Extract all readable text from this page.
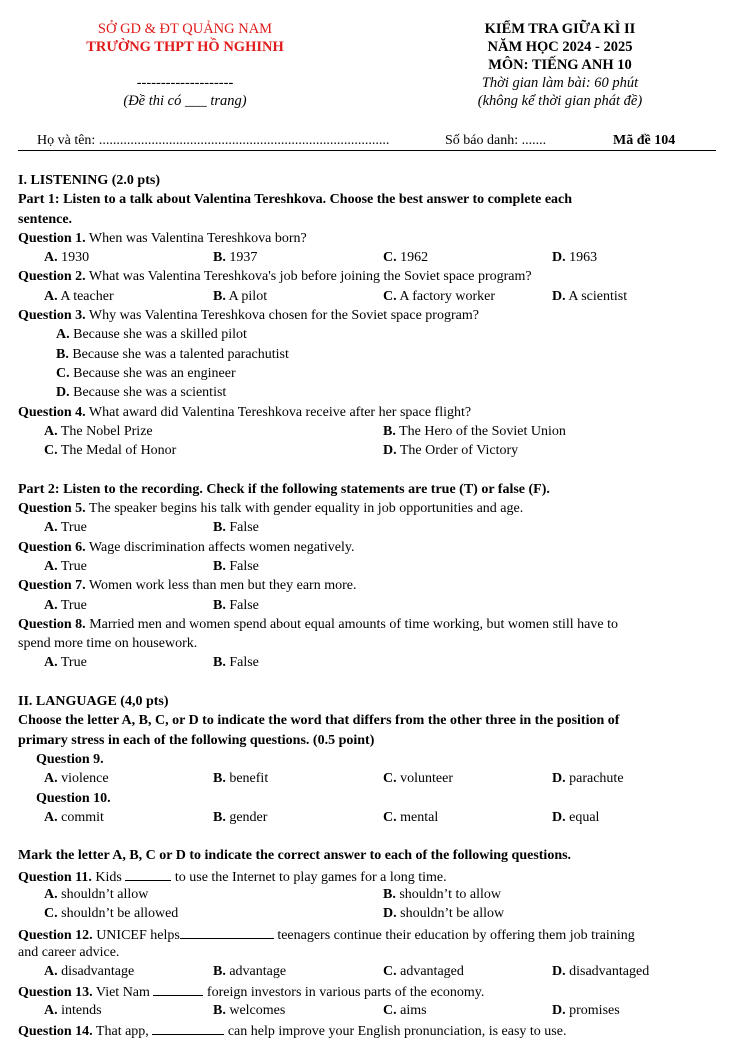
SỞ GD & ĐT QUẢNG NAM
TRƯỜNG THPT HỒ NGHINH
--------------------
(Đề thi có ___ trang)
KIỂM TRA GIỮA KÌ II
NĂM HỌC 2024 - 2025
MÔN: TIẾNG ANH 10
Thời gian làm bài: 60 phút
(không kể thời gian phát đề)
Họ và tên: ...................................................................................	Số báo danh: .......	Mã đề 104
I. LISTENING (2.0 pts)
Part 1: Listen to a talk about Valentina Tereshkova. Choose the best answer to complete each
sentence.
Question 1. When was Valentina Tereshkova born?
A. 1930	B. 1937	C. 1962	D. 1963
Question 2. What was Valentina Tereshkova's job before joining the Soviet space program?
A. A teacher	B. A pilot	C. A factory worker	D. A scientist
Question 3. Why was Valentina Tereshkova chosen for the Soviet space program?
A. Because she was a skilled pilot
B. Because she was a talented parachutist
C. Because she was an engineer
D. Because she was a scientist
Question 4. What award did Valentina Tereshkova receive after her space flight?
A. The Nobel Prize	B. The Hero of the Soviet Union
C. The Medal of Honor	D. The Order of Victory
Part 2: Listen to the recording. Check if the following statements are true (T) or false (F).
Question 5. The speaker begins his talk with gender equality in job opportunities and age.
A. True	B. False
Question 6. Wage discrimination affects women negatively.
A. True	B. False
Question 7. Women work less than men but they earn more.
A. True	B. False
Question 8. Married men and women spend about equal amounts of time working, but women still have to
spend more time on housework.
A. True	B. False
II. LANGUAGE (4,0 pts)
Choose the letter A, B, C, or D to indicate the word that differs from the other three in the position of
primary stress in each of the following questions. (0.5 point)
Question 9.
A. violence	B. benefit	C. volunteer	D. parachute
Question 10.
A. commit	B. gender	C. mental	D. equal
Mark the letter A, B, C or D to indicate the correct answer to each of the following questions.
Question 11. Kids	to use the Internet to play games for a long time.
A. shouldn’t allow	B. shouldn’t to allow
C. shouldn’t be allowed	D. shouldn’t be allow
Question 12. UNICEF helps	teenagers continue their education by offering them job training
and career advice.
A. disadvantage	B. advantage	C. advantaged	D. disadvantaged
Question 13. Viet Nam	foreign investors in various parts of the economy.
A. intends	B. welcomes	C. aims	D. promises
Question 14. That app,	can help improve your English pronunciation, is easy to use.
